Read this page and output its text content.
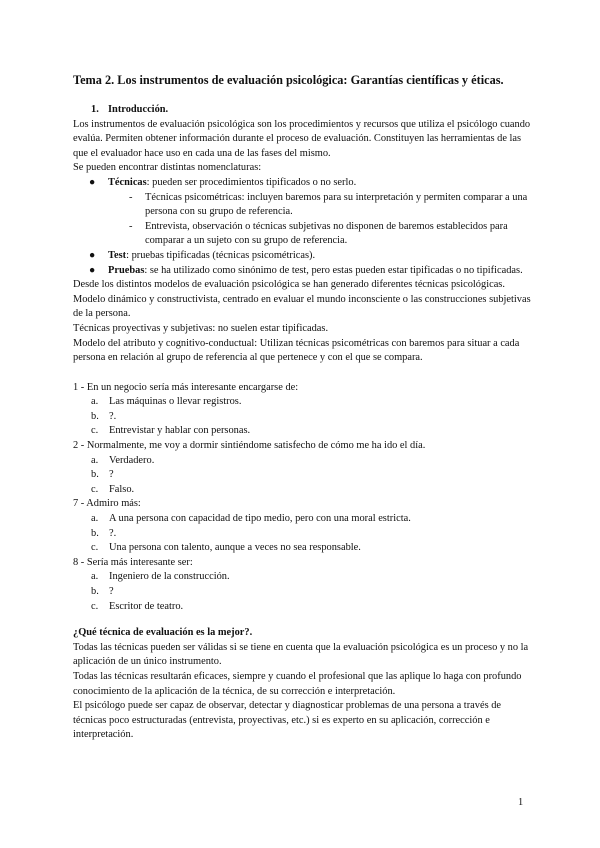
Tema 2. Los instrumentos de evaluación psicológica: Garantías científicas y éticas.

1. Introducción.

Los instrumentos de evaluación psicológica son los procedimientos y recursos que utiliza el psicólogo cuando evalúa. Permiten obtener información durante el proceso de evaluación. Constituyen las herramientas de las que el evaluador hace uso en cada una de las fases del mismo.

Se pueden encontrar distintas nomenclaturas:

● Técnicas: pueden ser procedimientos tipificados o no serlo.

- Técnicas psicométricas: incluyen baremos para su interpretación y permiten comparar a una persona con su grupo de referencia.

- Entrevista, observación o técnicas subjetivas no disponen de baremos establecidos para comparar a un sujeto con su grupo de referencia.

● Test: pruebas tipificadas (técnicas psicométricas).

● Pruebas: se ha utilizado como sinónimo de test, pero estas pueden estar tipificadas o no tipificadas.

Desde los distintos modelos de evaluación psicológica se han generado diferentes técnicas psicológicas. Modelo dinámico y constructivista, centrado en evaluar el mundo inconsciente o las construcciones subjetivas de la persona.

Técnicas proyectivas y subjetivas: no suelen estar tipificadas.

Modelo del atributo y cognitivo-conductual: Utilizan técnicas psicométricas con baremos para situar a cada persona en relación al grupo de referencia al que pertenece y con el que se compara.

1 - En un negocio sería más interesante encargarse de:

a. Las máquinas o llevar registros.

b. ?.

c. Entrevistar y hablar con personas.

2 - Normalmente, me voy a dormir sintiéndome satisfecho de cómo me ha ido el día.

a. Verdadero.

b. ?

c. Falso.

7 - Admiro más:

a. A una persona con capacidad de tipo medio, pero con una moral estricta.

b. ?.

c. Una persona con talento, aunque a veces no sea responsable.

8 - Sería más interesante ser:

a. Ingeniero de la construcción.

b. ?

c. Escritor de teatro.

¿Qué técnica de evaluación es la mejor?.

Todas las técnicas pueden ser válidas si se tiene en cuenta que la evaluación psicológica es un proceso y no la aplicación de un único instrumento.

Todas las técnicas resultarán eficaces, siempre y cuando el profesional que las aplique lo haga con profundo conocimiento de la aplicación de la técnica, de su corrección e interpretación.

El psicólogo puede ser capaz de observar, detectar y diagnosticar problemas de una persona a través de técnicas poco estructuradas (entrevista, proyectivas, etc.) si es experto en su aplicación, corrección e interpretación.

1
